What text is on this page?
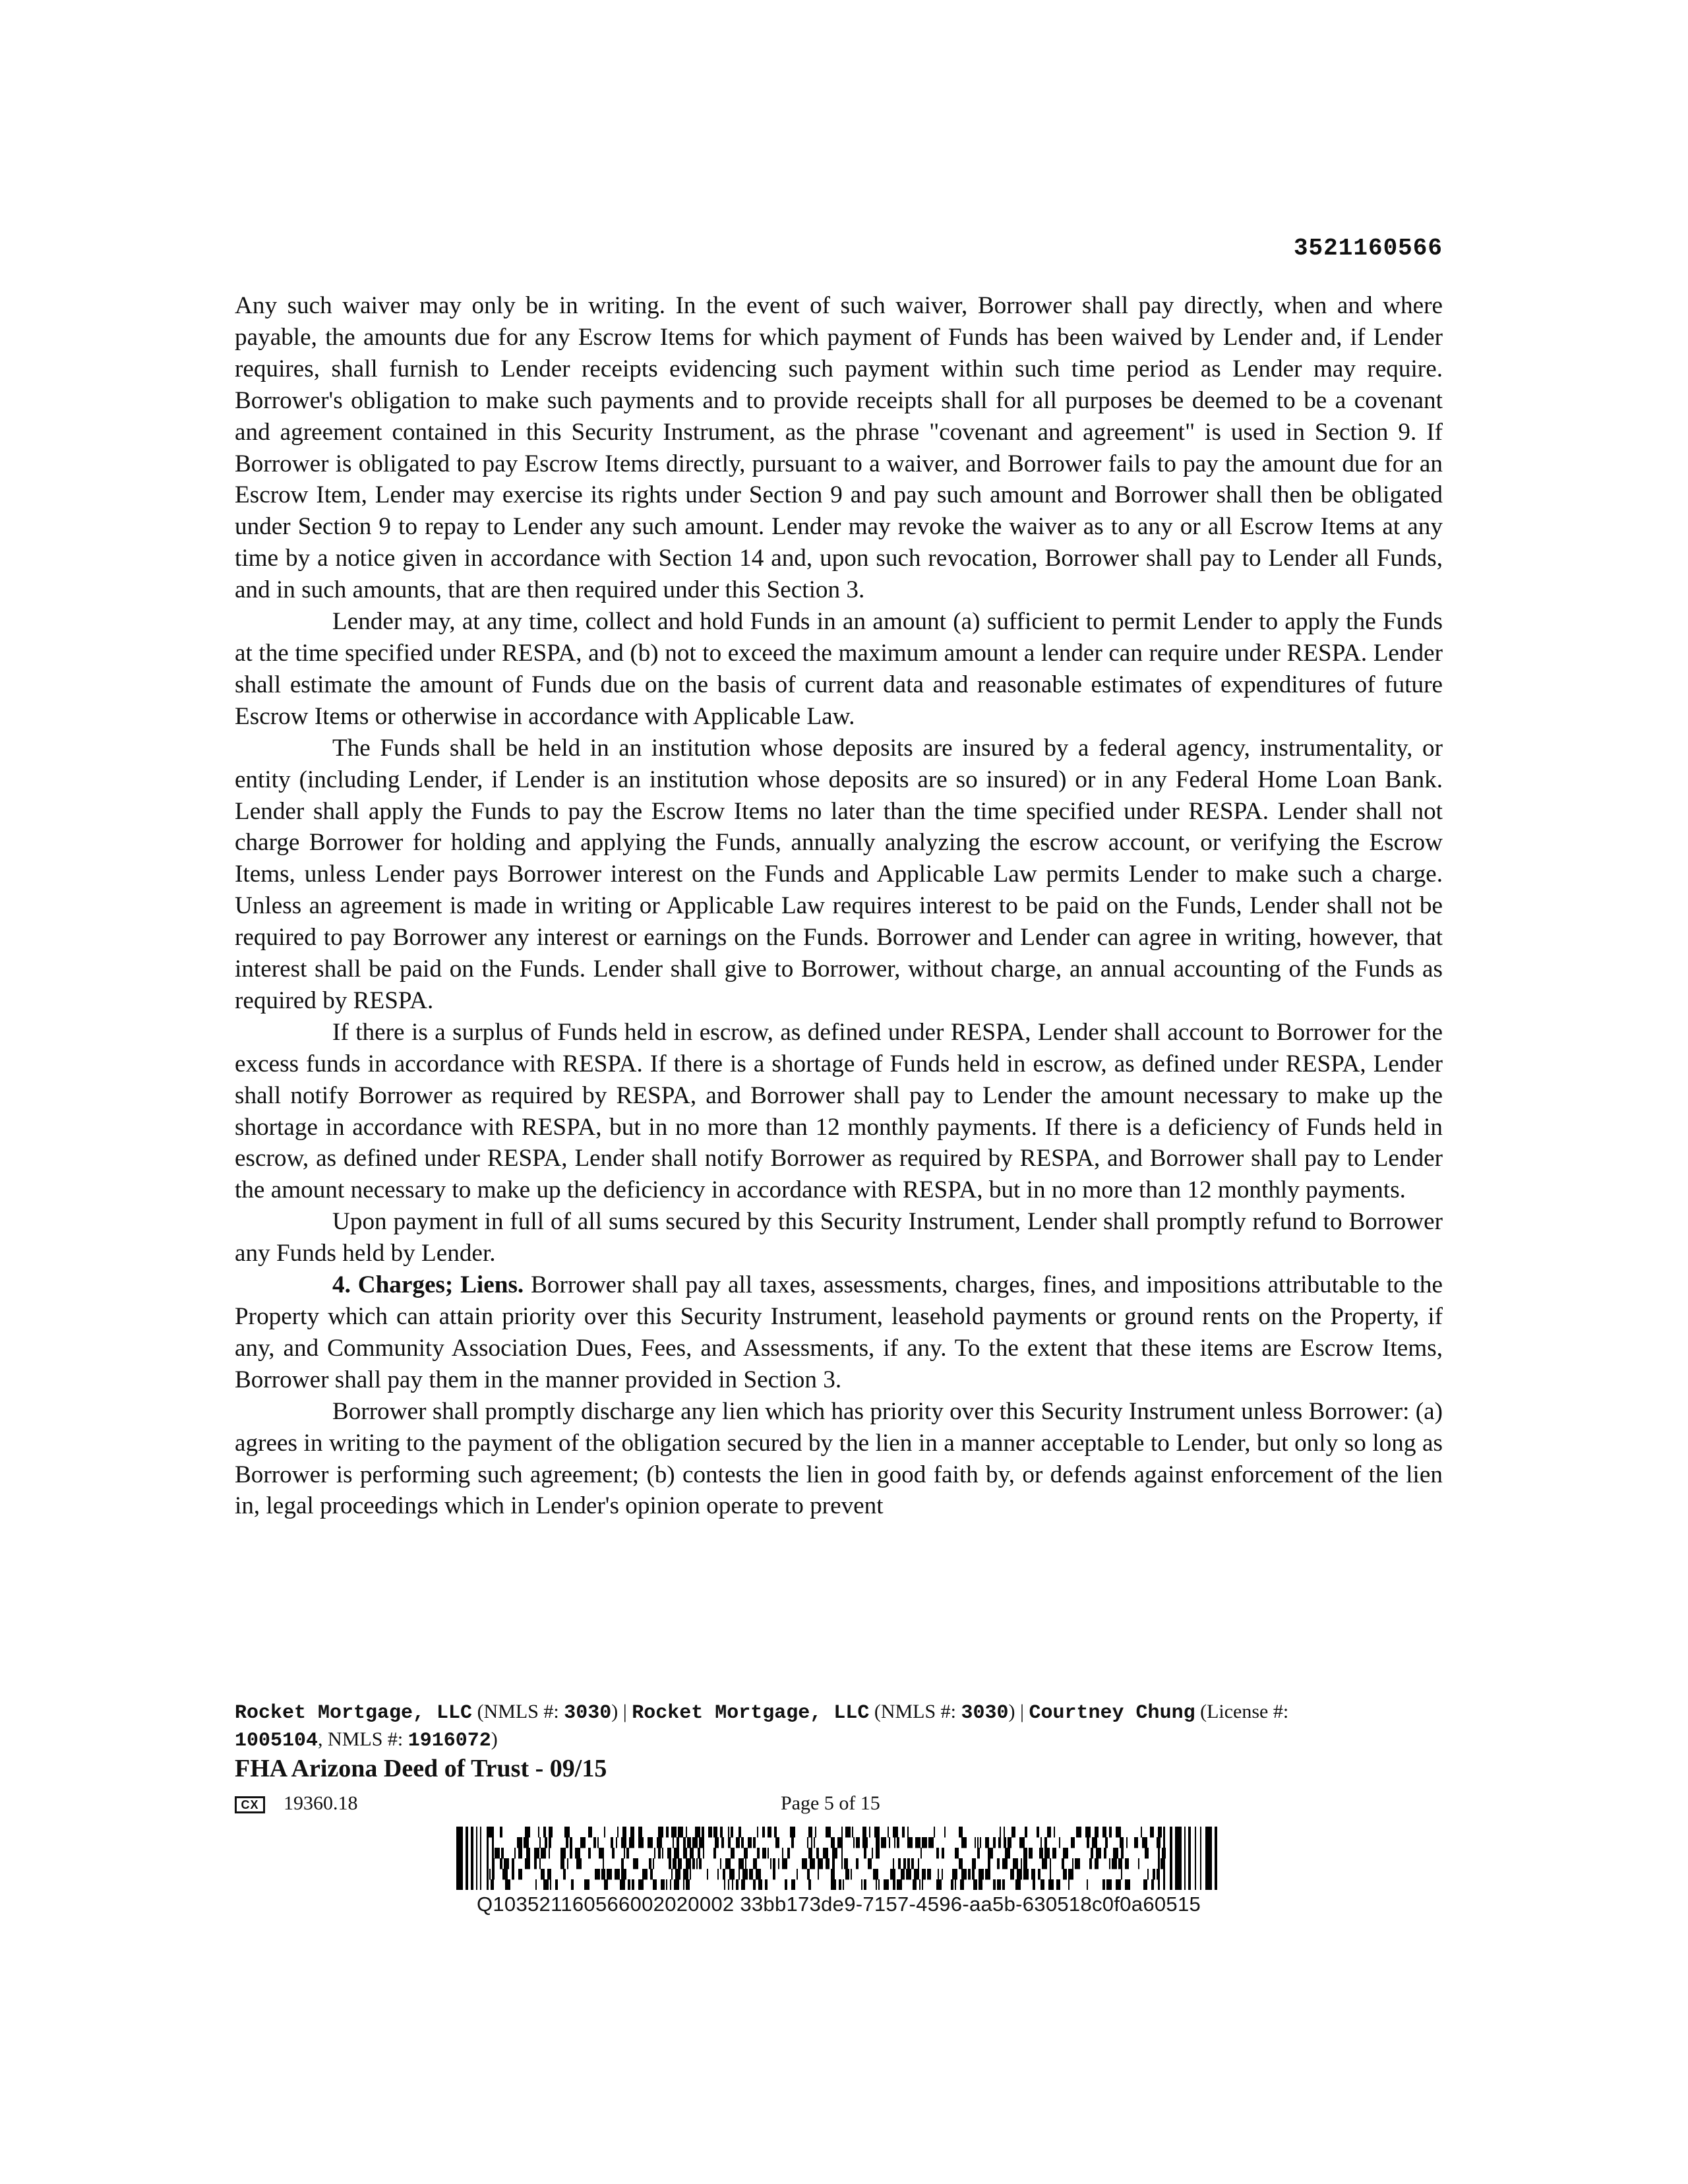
3521160566

Any such waiver may only be in writing. In the event of such waiver, Borrower shall pay directly, when and where payable, the amounts due for any Escrow Items for which payment of Funds has been waived by Lender and, if Lender requires, shall furnish to Lender receipts evidencing such payment within such time period as Lender may require. Borrower's obligation to make such payments and to provide receipts shall for all purposes be deemed to be a covenant and agreement contained in this Security Instrument, as the phrase "covenant and agreement" is used in Section 9. If Borrower is obligated to pay Escrow Items directly, pursuant to a waiver, and Borrower fails to pay the amount due for an Escrow Item, Lender may exercise its rights under Section 9 and pay such amount and Borrower shall then be obligated under Section 9 to repay to Lender any such amount. Lender may revoke the waiver as to any or all Escrow Items at any time by a notice given in accordance with Section 14 and, upon such revocation, Borrower shall pay to Lender all Funds, and in such amounts, that are then required under this Section 3.

Lender may, at any time, collect and hold Funds in an amount (a) sufficient to permit Lender to apply the Funds at the time specified under RESPA, and (b) not to exceed the maximum amount a lender can require under RESPA. Lender shall estimate the amount of Funds due on the basis of current data and reasonable estimates of expenditures of future Escrow Items or otherwise in accordance with Applicable Law.

The Funds shall be held in an institution whose deposits are insured by a federal agency, instrumentality, or entity (including Lender, if Lender is an institution whose deposits are so insured) or in any Federal Home Loan Bank. Lender shall apply the Funds to pay the Escrow Items no later than the time specified under RESPA. Lender shall not charge Borrower for holding and applying the Funds, annually analyzing the escrow account, or verifying the Escrow Items, unless Lender pays Borrower interest on the Funds and Applicable Law permits Lender to make such a charge. Unless an agreement is made in writing or Applicable Law requires interest to be paid on the Funds, Lender shall not be required to pay Borrower any interest or earnings on the Funds. Borrower and Lender can agree in writing, however, that interest shall be paid on the Funds. Lender shall give to Borrower, without charge, an annual accounting of the Funds as required by RESPA.

If there is a surplus of Funds held in escrow, as defined under RESPA, Lender shall account to Borrower for the excess funds in accordance with RESPA. If there is a shortage of Funds held in escrow, as defined under RESPA, Lender shall notify Borrower as required by RESPA, and Borrower shall pay to Lender the amount necessary to make up the shortage in accordance with RESPA, but in no more than 12 monthly payments. If there is a deficiency of Funds held in escrow, as defined under RESPA, Lender shall notify Borrower as required by RESPA, and Borrower shall pay to Lender the amount necessary to make up the deficiency in accordance with RESPA, but in no more than 12 monthly payments.

Upon payment in full of all sums secured by this Security Instrument, Lender shall promptly refund to Borrower any Funds held by Lender.

4. Charges; Liens. Borrower shall pay all taxes, assessments, charges, fines, and impositions attributable to the Property which can attain priority over this Security Instrument, leasehold payments or ground rents on the Property, if any, and Community Association Dues, Fees, and Assessments, if any. To the extent that these items are Escrow Items, Borrower shall pay them in the manner provided in Section 3.

Borrower shall promptly discharge any lien which has priority over this Security Instrument unless Borrower: (a) agrees in writing to the payment of the obligation secured by the lien in a manner acceptable to Lender, but only so long as Borrower is performing such agreement; (b) contests the lien in good faith by, or defends against enforcement of the lien in, legal proceedings which in Lender's opinion operate to prevent

Rocket Mortgage, LLC (NMLS #: 3030) | Rocket Mortgage, LLC (NMLS #: 3030) | Courtney Chung (License #:
1005104, NMLS #: 1916072)
FHA Arizona Deed of Trust - 09/15
CX	19360.18	Page 5 of 15
Q103521160566002020002 33bb173de9-7157-4596-aa5b-630518c0f0a60515
